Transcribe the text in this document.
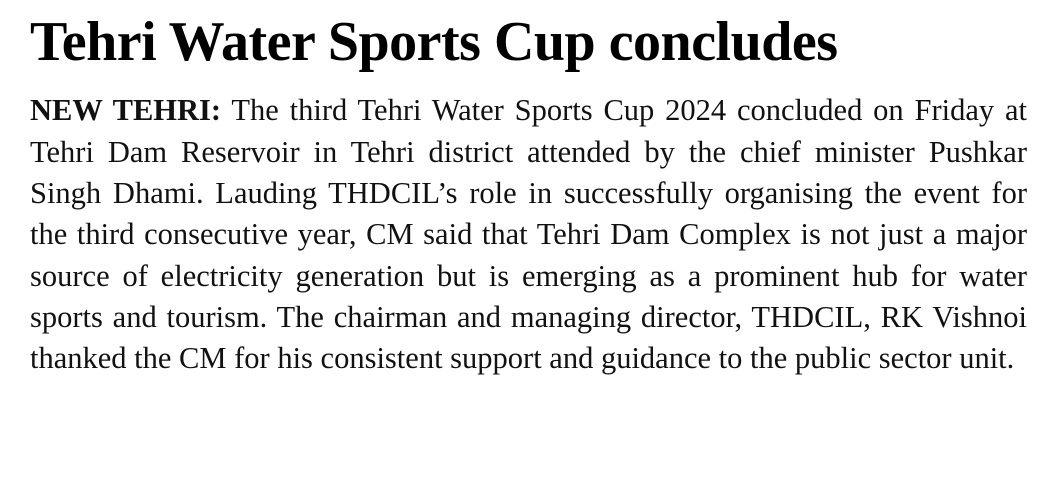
Tehri Water Sports Cup concludes

NEW TEHRI: The third Tehri Water Sports Cup 2024 concluded on Friday at Tehri Dam Reservoir in Tehri district attended by the chief minister Pushkar Singh Dhami. Lauding THDCIL’s role in successfully organising the event for the third consecutive year, CM said that Tehri Dam Complex is not just a major source of electricity generation but is emerging as a prominent hub for water sports and tourism. The chairman and managing director, THDCIL, RK Vishnoi thanked the CM for his consistent support and guidance to the public sector unit.
